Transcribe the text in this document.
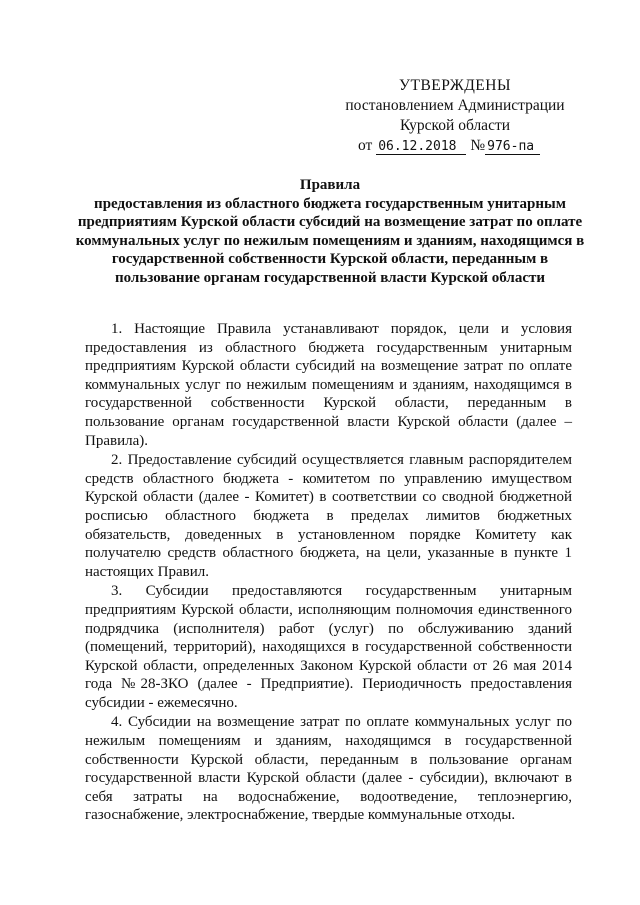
УТВЕРЖДЕНЫ
постановлением Администрации
Курской области
от 06.12.2018 № 976-па
Правила
предоставления из областного бюджета государственным унитарным предприятиям Курской области субсидий на возмещение затрат по оплате коммунальных услуг по нежилым помещениям и зданиям, находящимся в государственной собственности Курской области, переданным в пользование органам государственной власти Курской области

1. Настоящие Правила устанавливают порядок, цели и условия предоставления из областного бюджета государственным унитарным предприятиям Курской области субсидий на возмещение затрат по оплате коммунальных услуг по нежилым помещениям и зданиям, находящимся в государственной собственности Курской области, переданным в пользование органам государственной власти Курской области (далее – Правила).

2. Предоставление субсидий осуществляется главным распорядителем средств областного бюджета - комитетом по управлению имуществом Курской области (далее - Комитет) в соответствии со сводной бюджетной росписью областного бюджета в пределах лимитов бюджетных обязательств, доведенных в установленном порядке Комитету как получателю средств областного бюджета, на цели, указанные в пункте 1 настоящих Правил.

3. Субсидии предоставляются государственным унитарным предприятиям Курской области, исполняющим полномочия единственного подрядчика (исполнителя) работ (услуг) по обслуживанию зданий (помещений, территорий), находящихся в государственной собственности Курской области, определенных Законом Курской области от 26 мая 2014 года №28-ЗКО (далее - Предприятие). Периодичность предоставления субсидии - ежемесячно.

4. Субсидии на возмещение затрат по оплате коммунальных услуг по нежилым помещениям и зданиям, находящимся в государственной собственности Курской области, переданным в пользование органам государственной власти Курской области (далее - субсидии), включают в себя затраты на водоснабжение, водоотведение, теплоэнергию, газоснабжение, электроснабжение, твердые коммунальные отходы.
